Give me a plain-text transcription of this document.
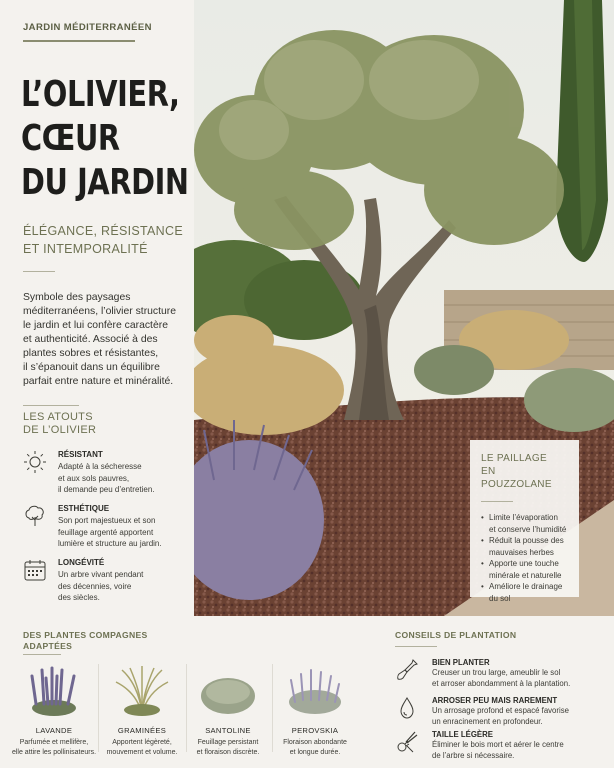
JARDIN MÉDITERRANÉEN
L’OLIVIER,
CŒUR
DU JARDIN
ÉLÉGANCE, RÉSISTANCE
ET INTEMPORALITÉ

Symbole des paysages

méditerranéens, l’olivier structure

le jardin et lui confère caractère

et authenticité. Associé à des

plantes sobres et résistantes,

il s’épanouit dans un équilibre

parfait entre nature et minéralité.

LES ATOUTS
DE L’OLIVIER
RÉSISTANT
Adapté à la sécheresse
et aux sols pauvres,
il demande peu d’entretien.
ESTHÉTIQUE
Son port majestueux et son
feuillage argenté apportent
lumière et structure au jardin.
LONGÉVITÉ
Un arbre vivant pendant
des décennies, voire
des siècles.
LE PAILLAGE
EN POUZZOLANE
• Limite l’évaporation
et conserve l’humidité
• Réduit la pousse des
mauvaises herbes
• Apporte une touche
minérale et naturelle
• Améliore le drainage
du sol
DES PLANTES COMPAGNES
ADAPTÉES
LAVANDE
Parfumée et mellifère,
elle attire les pollinisateurs.
GRAMINÉES
Apportent légèreté,
mouvement et volume.
SANTOLINE
Feuillage persistant
et floraison discrète.
PEROVSKIA
Floraison abondante
et longue durée.
CONSEILS DE PLANTATION
BIEN PLANTER
Creuser un trou large, ameublir le sol
et arroser abondamment à la plantation.
ARROSER PEU MAIS RAREMENT
Un arrosage profond et espacé favorise
un enracinement en profondeur.
TAILLE LÉGÈRE
Éliminer le bois mort et aérer le centre
de l’arbre si nécessaire.
